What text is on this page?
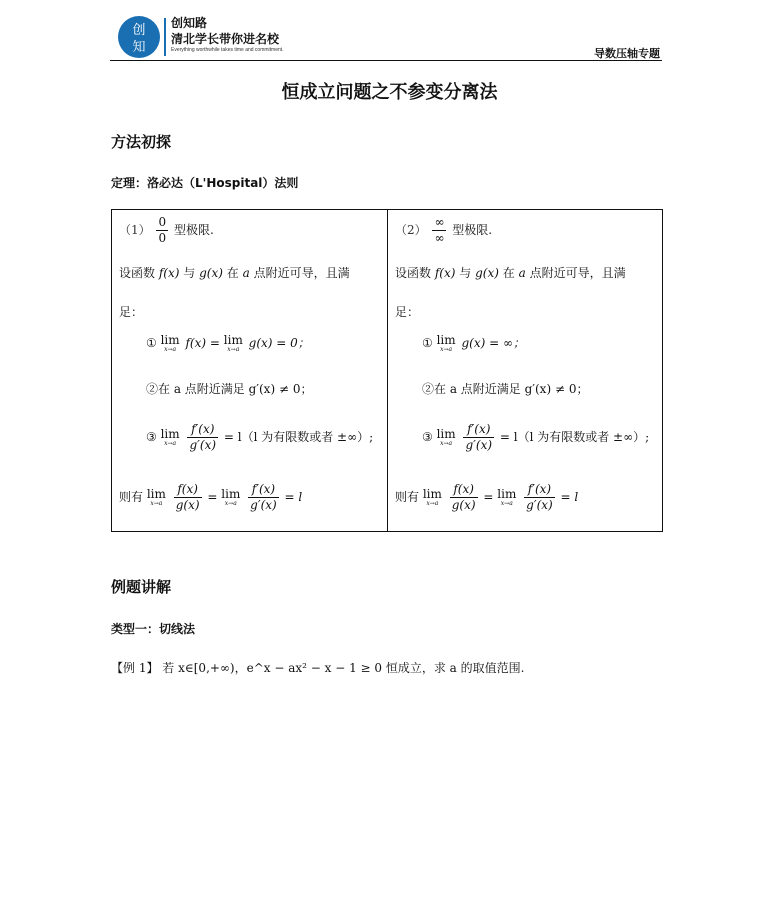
创
知
创知路
清北学长带你进名校
Everything worthwhile takes time and commitment.	导数压轴专题
恒成立问题之不参变分离法
方法初探
定理：洛必达（L'Hospital）法则
$(1) \frac{0}{0}$ 型极限.
设函数 f(x) 与 g(x) 在 a 点附近可导，且满
足：
① lim
x→a f(x) = lim
x→a g(x) = 0；
②在 a 点附近满足 g′(x) ≠ 0；
③ lim
x→a
$\frac{f'(x)}{g'(x)} = l(l$ 为有限数或者 ±∞）;
则有 lim
x→a
$\frac{f(x)}{g(x)} = \lim$
x→a
$\frac{f'(x)}{g'(x)} = l$
$(2) \frac{\infty}{\infty}$ 型极限.
设函数 f(x) 与 g(x) 在 a 点附近可导，且满
足：
① lim
x→a g(x) = ∞；
②在 a 点附近满足 g′(x) ≠ 0；
③ lim
x→a
$\frac{f'(x)}{g'(x)} = l(l$ 为有限数或者 ±∞）;
则有 lim
x→a
$\frac{f(x)}{g(x)} = \lim$
x→a
$\frac{f'(x)}{g'(x)} = l$
例题讲解
类型一：切线法
【例 1】 若 x∈[0,+∞)，e^x − ax² − x − 1 ≥ 0 恒成立，求 a 的取值范围.
